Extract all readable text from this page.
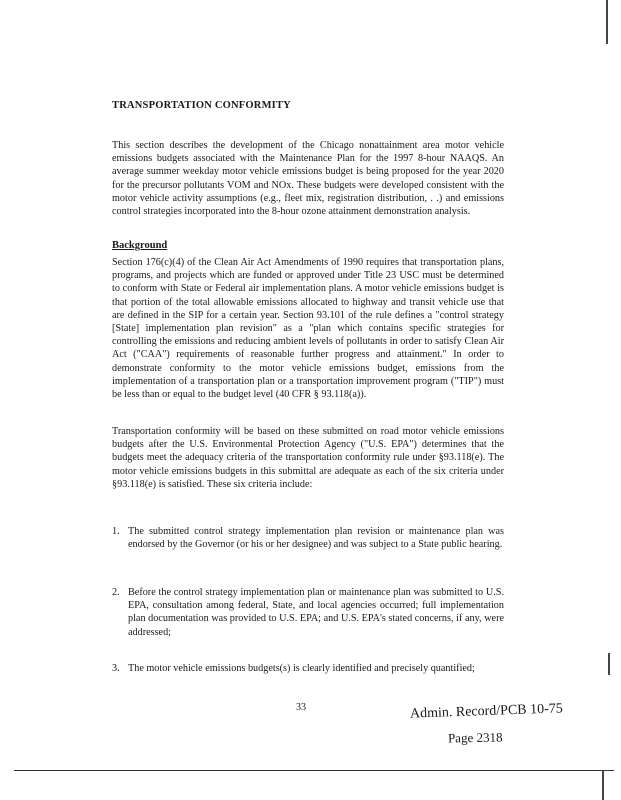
TRANSPORTATION CONFORMITY

This section describes the development of the Chicago nonattainment area motor vehicle emissions budgets associated with the Maintenance Plan for the 1997 8-hour NAAQS. An average summer weekday motor vehicle emissions budget is being proposed for the year 2020 for the precursor pollutants VOM and NOx. These budgets were developed consistent with the motor vehicle activity assumptions (e.g., fleet mix, registration distribution, . .) and emissions control strategies incorporated into the 8-hour ozone attainment demonstration analysis.

Background

Section 176(c)(4) of the Clean Air Act Amendments of 1990 requires that transportation plans, programs, and projects which are funded or approved under Title 23 USC must be determined to conform with State or Federal air implementation plans. A motor vehicle emissions budget is that portion of the total allowable emissions allocated to highway and transit vehicle use that are defined in the SIP for a certain year. Section 93.101 of the rule defines a "control strategy [State] implementation plan revision" as a "plan which contains specific strategies for controlling the emissions and reducing ambient levels of pollutants in order to satisfy Clean Air Act ("CAA") requirements of reasonable further progress and attainment." In order to demonstrate conformity to the motor vehicle emissions budget, emissions from the implementation of a transportation plan or a transportation improvement program ("TIP") must be less than or equal to the budget level (40 CFR § 93.118(a)).

Transportation conformity will be based on these submitted on road motor vehicle emissions budgets after the U.S. Environmental Protection Agency ("U.S. EPA") determines that the budgets meet the adequacy criteria of the transportation conformity rule under §93.118(e). The motor vehicle emissions budgets in this submittal are adequate as each of the six criteria under §93.118(e) is satisfied. These six criteria include:

1. The submitted control strategy implementation plan revision or maintenance plan was endorsed by the Governor (or his or her designee) and was subject to a State public hearing.
2. Before the control strategy implementation plan or maintenance plan was submitted to U.S. EPA, consultation among federal, State, and local agencies occurred; full implementation plan documentation was provided to U.S. EPA; and U.S. EPA's stated concerns, if any, were addressed;
3. The motor vehicle emissions budgets(s) is clearly identified and precisely quantified;
33	Admin. Record/PCB 10-75
Page 2318
